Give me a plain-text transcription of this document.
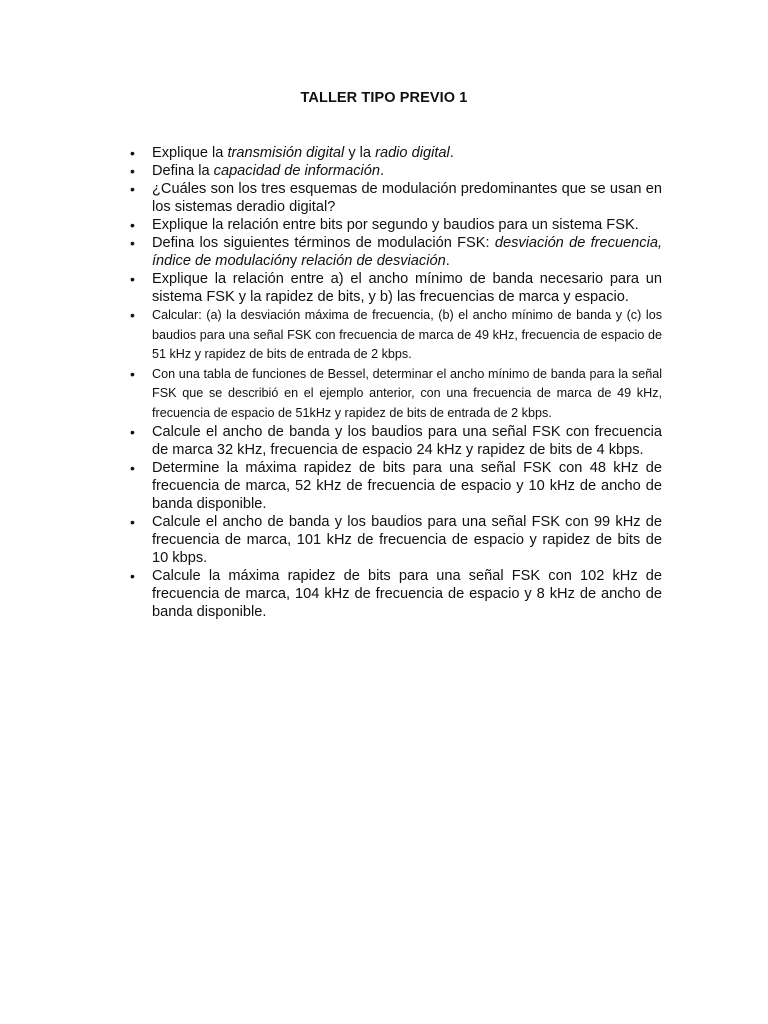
TALLER TIPO PREVIO 1
• Explique la transmisión digital y la radio digital.
• Defina la capacidad de información.
• ¿Cuáles son los tres esquemas de modulación predominantes que se usan en los sistemas deradio digital?
• Explique la relación entre bits por segundo y baudios para un sistema FSK.
• Defina los siguientes términos de modulación FSK: desviación de frecuencia, índice de modulacióny relación de desviación.
• Explique la relación entre a) el ancho mínimo de banda necesario para un sistema FSK y la rapidez de bits, y b) las frecuencias de marca y espacio.
• Calcular: (a) la desviación máxima de frecuencia, (b) el ancho mínimo de banda y (c) los baudios para una señal FSK con frecuencia de marca de 49 kHz, frecuencia de espacio de 51 kHz y rapidez de bits de entrada de 2 kbps.
• Con una tabla de funciones de Bessel, determinar el ancho mínimo de banda para la señal FSK que se describió en el ejemplo anterior, con una frecuencia de marca de 49 kHz, frecuencia de espacio de 51kHz y rapidez de bits de entrada de 2 kbps.
• Calcule el ancho de banda y los baudios para una señal FSK con frecuencia de marca 32 kHz, frecuencia de espacio 24 kHz y rapidez de bits de 4 kbps.
• Determine la máxima rapidez de bits para una señal FSK con 48 kHz de frecuencia de marca, 52 kHz de frecuencia de espacio y 10 kHz de ancho de banda disponible.
• Calcule el ancho de banda y los baudios para una señal FSK con 99 kHz de frecuencia de marca, 101 kHz de frecuencia de espacio y rapidez de bits de 10 kbps.
• Calcule la máxima rapidez de bits para una señal FSK con 102 kHz de frecuencia de marca, 104 kHz de frecuencia de espacio y 8 kHz de ancho de banda disponible.
